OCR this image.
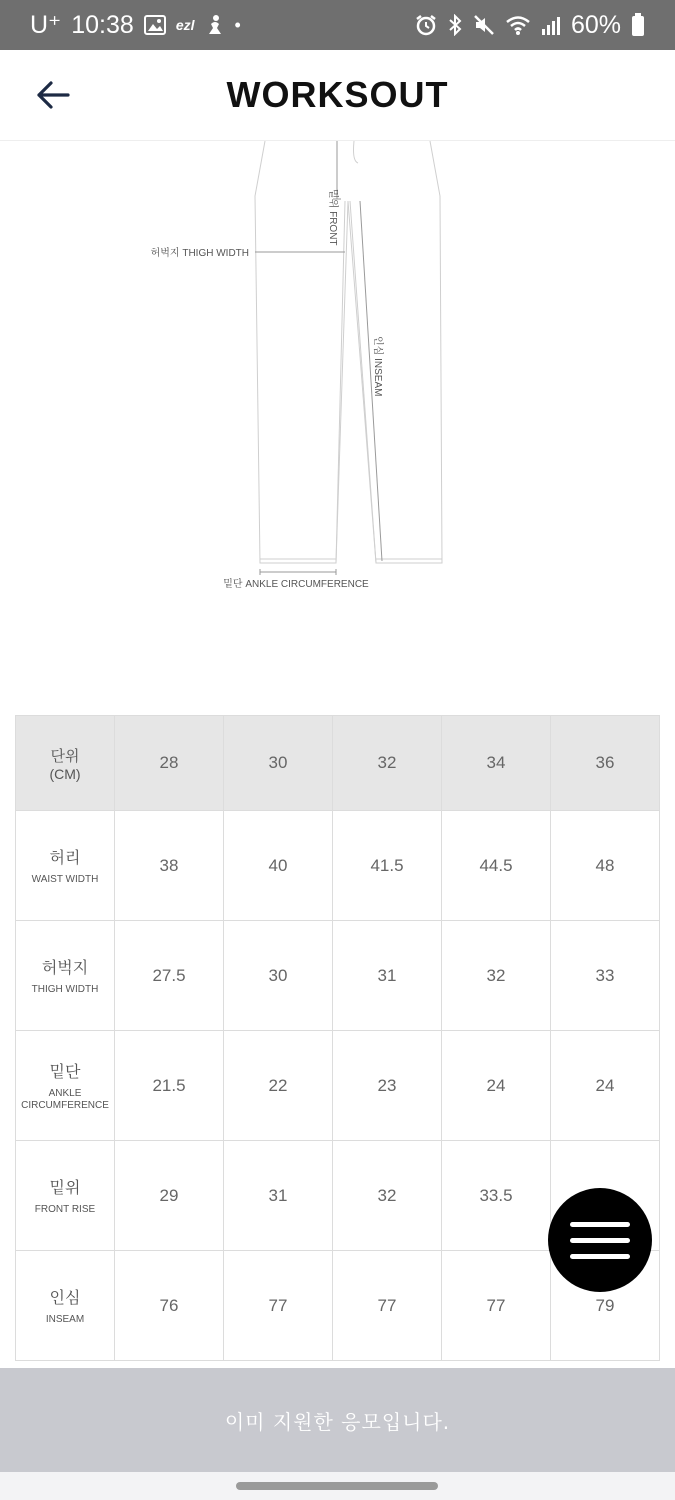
U⁺ 10:38	ezl •	60%
WORKSOUT
밑위 FRONT
허벅지 THIGH WIDTH
인심 INSEAM
밑단 ANKLE CIRCUMFERENCE
단위
(CM)	28	30	32	34	36

허리
WAIST WIDTH	38	40	41.5	44.5	48

허벅지
THIGH WIDTH	27.5	30	31	32	33

밑단
ANKLE CIRCUMFERENCE	21.5	22	23	24	24

밑위
FRONT RISE	29	31	32	33.5	

인심
INSEAM	76	77	77	77	79
이미 지원한 응모입니다.
